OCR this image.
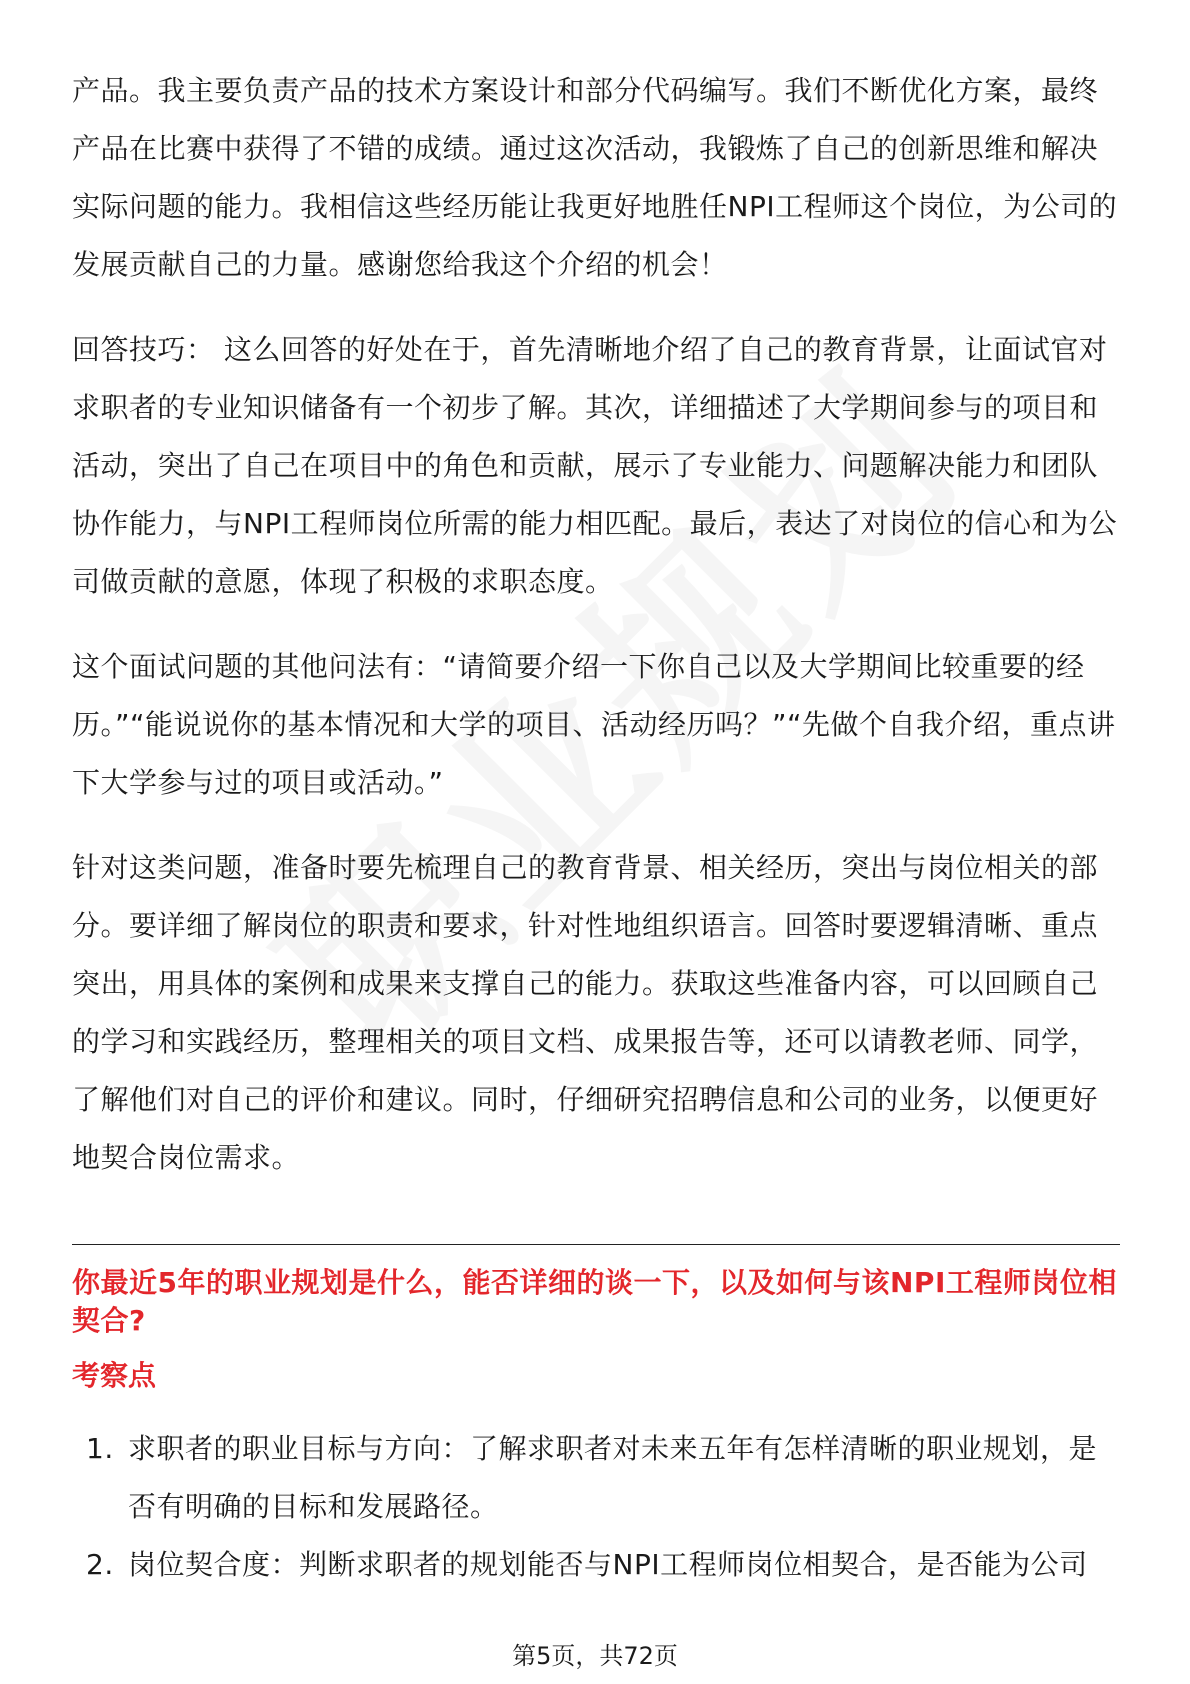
产品。我主要负责产品的技术方案设计和部分代码编写。我们不断优化方案，最终产品在比赛中获得了不错的成绩。通过这次活动，我锻炼了自己的创新思维和解决实际问题的能力。我相信这些经历能让我更好地胜任NPI工程师这个岗位，为公司的发展贡献自己的力量。感谢您给我这个介绍的机会！

回答技巧： 这么回答的好处在于，首先清晰地介绍了自己的教育背景，让面试官对求职者的专业知识储备有一个初步了解。其次，详细描述了大学期间参与的项目和活动，突出了自己在项目中的角色和贡献，展示了专业能力、问题解决能力和团队协作能力，与NPI工程师岗位所需的能力相匹配。最后，表达了对岗位的信心和为公司做贡献的意愿，体现了积极的求职态度。

这个面试问题的其他问法有：“请简要介绍一下你自己以及大学期间比较重要的经历。”“能说说你的基本情况和大学的项目、活动经历吗？”“先做个自我介绍，重点讲下大学参与过的项目或活动。”

针对这类问题，准备时要先梳理自己的教育背景、相关经历，突出与岗位相关的部分。要详细了解岗位的职责和要求，针对性地组织语言。回答时要逻辑清晰、重点突出，用具体的案例和成果来支撑自己的能力。获取这些准备内容，可以回顾自己的学习和实践经历，整理相关的项目文档、成果报告等，还可以请教老师、同学，了解他们对自己的评价和建议。同时，仔细研究招聘信息和公司的业务，以便更好地契合岗位需求。

你最近5年的职业规划是什么，能否详细的谈一下，以及如何与该NPI工程师岗位相契合?
考察点
1. 求职者的职业目标与方向：了解求职者对未来五年有怎样清晰的职业规划，是否有明确的目标和发展路径。
2. 岗位契合度：判断求职者的规划能否与NPI工程师岗位相契合，是否能为公司
第5页，共72页
